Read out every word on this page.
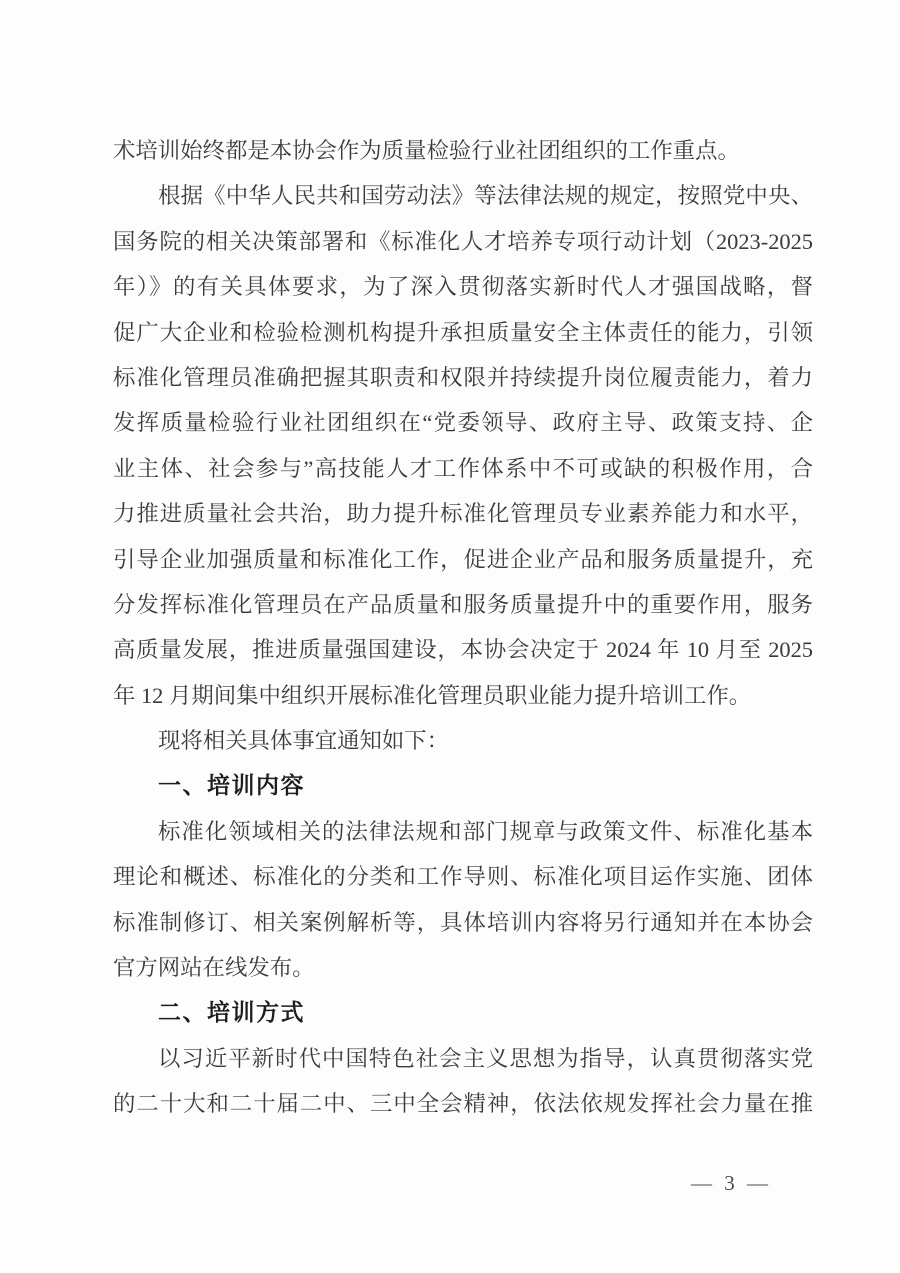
术培训始终都是本协会作为质量检验行业社团组织的工作重点。
根据《中华人民共和国劳动法》等法律法规的规定，按照党中央、
国务院的相关决策部署和《标准化人才培养专项行动计划（2023-2025
年）》的有关具体要求，为了深入贯彻落实新时代人才强国战略，督
促广大企业和检验检测机构提升承担质量安全主体责任的能力，引领
标准化管理员准确把握其职责和权限并持续提升岗位履责能力，着力
发挥质量检验行业社团组织在“党委领导、政府主导、政策支持、企
业主体、社会参与”高技能人才工作体系中不可或缺的积极作用，合
力推进质量社会共治，助力提升标准化管理员专业素养能力和水平，
引导企业加强质量和标准化工作，促进企业产品和服务质量提升，充
分发挥标准化管理员在产品质量和服务质量提升中的重要作用，服务
高质量发展，推进质量强国建设，本协会决定于 2024 年 10 月至 2025
年 12 月期间集中组织开展标准化管理员职业能力提升培训工作。
现将相关具体事宜通知如下：
一、培训内容
标准化领域相关的法律法规和部门规章与政策文件、标准化基本
理论和概述、标准化的分类和工作导则、标准化项目运作实施、团体
标准制修订、相关案例解析等，具体培训内容将另行通知并在本协会
官方网站在线发布。
二、培训方式
以习近平新时代中国特色社会主义思想为指导，认真贯彻落实党
的二十大和二十届二中、三中全会精神，依法依规发挥社会力量在推
— 3 —
